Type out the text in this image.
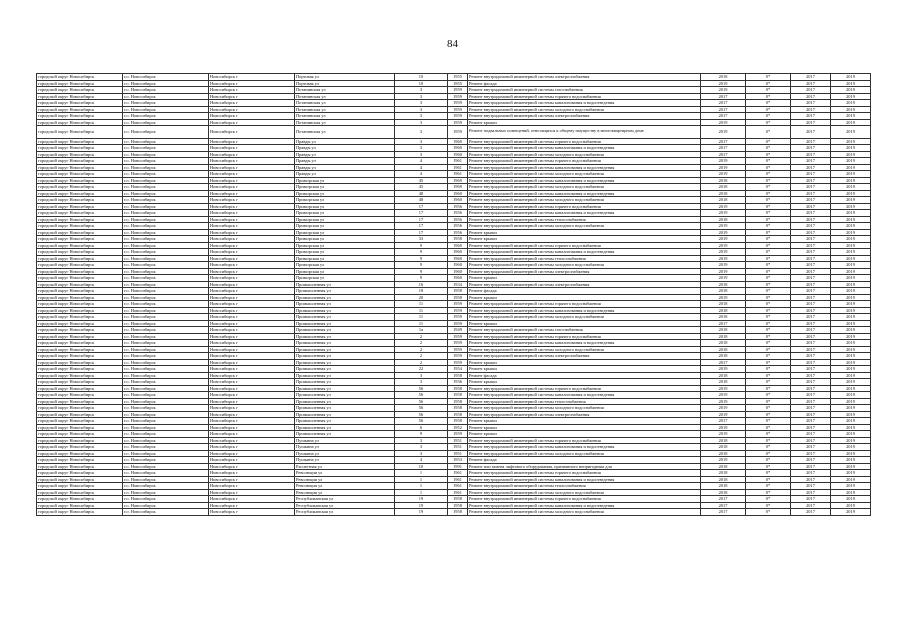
84
городской округ Новосибирск	г.о. Новосибирск	Новосибирск г	Портовая ул	10	1955	Ремонт внутридомовой инженерной системы электроснабжения	2018	0*	2017	2019
городской округ Новосибирск	г.о. Новосибирск	Новосибирск г	Портовая ул	10	1955	Ремонт фасада	2019	0*	2017	2019
городской округ Новосибирск	г.о. Новосибирск	Новосибирск г	Потанинская ул	3	1959	Ремонт внутридомовой инженерной системы газоснабжения	2019	0*	2017	2019
городской округ Новосибирск	г.о. Новосибирск	Новосибирск г	Потанинская ул	3	1959	Ремонт внутридомовой инженерной системы горячего водоснабжения	2017	0*	2017	2019
городской округ Новосибирск	г.о. Новосибирск	Новосибирск г	Потанинская ул	3	1959	Ремонт внутридомовой инженерной системы канализования и водоотведения	2017	0*	2017	2019
городской округ Новосибирск	г.о. Новосибирск	Новосибирск г	Потанинская ул	3	1959	Ремонт внутридомовой инженерной системы холодного водоснабжения	2017	0*	2017	2019
городской округ Новосибирск	г.о. Новосибирск	Новосибирск г	Потанинская ул	3	1959	Ремонт внутридомовой инженерной системы электроснабжения	2017	0*	2017	2019
городской округ Новосибирск	г.о. Новосибирск	Новосибирск г	Потанинская ул	3	1959	Ремонт крыши	2019	0*	2017	2019
городской округ Новосибирск	г.о. Новосибирск	Новосибирск г	Потанинская ул	3	1959	Ремонт подвальных помещений, относящихся к общему имуществу в многоквартирном доме	2019	0*	2017	2019
городской округ Новосибирск	г.о. Новосибирск	Новосибирск г	Правды ул	3	1960	Ремонт внутридомовой инженерной системы горячего водоснабжения	2017	0*	2017	2019
городской округ Новосибирск	г.о. Новосибирск	Новосибирск г	Правды ул	3	1960	Ремонт внутридомовой инженерной системы канализования и водоотведения	2017	0*	2017	2019
городской округ Новосибирск	г.о. Новосибирск	Новосибирск г	Правды ул	3	1960	Ремонт внутридомовой инженерной системы холодного водоснабжения	2017	0*	2017	2019
городской округ Новосибирск	г.о. Новосибирск	Новосибирск г	Правды ул	4	1961	Ремонт внутридомовой инженерной системы горячего водоснабжения	2019	0*	2017	2019
городской округ Новосибирск	г.о. Новосибирск	Новосибирск г	Правды ул	4	1961	Ремонт внутридомовой инженерной системы канализования и водоотведения	2019	0*	2017	2019
городской округ Новосибирск	г.о. Новосибирск	Новосибирск г	Правды ул	4	1961	Ремонт внутридомовой инженерной системы холодного водоснабжения	2019	0*	2017	2019
городской округ Новосибирск	г.о. Новосибирск	Новосибирск г	Приморская ул	45	1969	Ремонт внутридомовой инженерной системы канализования и водоотведения	2018	0*	2017	2019
городской округ Новосибирск	г.о. Новосибирск	Новосибирск г	Приморская ул	45	1969	Ремонт внутридомовой инженерной системы холодного водоснабжения	2018	0*	2017	2019
городской округ Новосибирск	г.о. Новосибирск	Новосибирск г	Приморская ул	48	1960	Ремонт внутридомовой инженерной системы канализования и водоотведения	2018	0*	2017	2019
городской округ Новосибирск	г.о. Новосибирск	Новосибирск г	Приморская ул	48	1960	Ремонт внутридомовой инженерной системы холодного водоснабжения	2018	0*	2017	2019
городской округ Новосибирск	г.о. Новосибирск	Новосибирск г	Приморская ул	17	1956	Ремонт внутридомовой инженерной системы горячего водоснабжения	2019	0*	2017	2019
городской округ Новосибирск	г.о. Новосибирск	Новосибирск г	Приморская ул	17	1956	Ремонт внутридомовой инженерной системы канализования и водоотведения	2019	0*	2017	2019
городской округ Новосибирск	г.о. Новосибирск	Новосибирск г	Приморская ул	17	1956	Ремонт внутридомовой инженерной системы теплоснабжения	2018	0*	2017	2019
городской округ Новосибирск	г.о. Новосибирск	Новосибирск г	Приморская ул	17	1956	Ремонт внутридомовой инженерной системы холодного водоснабжения	2019	0*	2017	2019
городской округ Новосибирск	г.о. Новосибирск	Новосибирск г	Приморская ул	17	1956	Ремонт крыши	2019	0*	2017	2019
городской округ Новосибирск	г.о. Новосибирск	Новосибирск г	Приморская ул	33	1958	Ремонт крыши	2019	0*	2017	2019
городской округ Новосибирск	г.о. Новосибирск	Новосибирск г	Приморская ул	9	1960	Ремонт внутридомовой инженерной системы горячего водоснабжения	2019	0*	2017	2019
городской округ Новосибирск	г.о. Новосибирск	Новосибирск г	Приморская ул	9	1960	Ремонт внутридомовой инженерной системы канализования и водоотведения	2019	0*	2017	2019
городской округ Новосибирск	г.о. Новосибирск	Новосибирск г	Приморская ул	9	1960	Ремонт внутридомовой инженерной системы теплоснабжения	2019	0*	2017	2019
городской округ Новосибирск	г.о. Новосибирск	Новосибирск г	Приморская ул	9	1960	Ремонт внутридомовой инженерной системы холодного водоснабжения	2019	0*	2017	2019
городской округ Новосибирск	г.о. Новосибирск	Новосибирск г	Приморская ул	9	1960	Ремонт внутридомовой инженерной системы электроснабжения	2019	0*	2017	2019
городской округ Новосибирск	г.о. Новосибирск	Новосибирск г	Приморская ул	9	1960	Ремонт крыши	2019	0*	2017	2019
городской округ Новосибирск	г.о. Новосибирск	Новосибирск г	Промышленная ул	16	1934	Ремонт внутридомовой инженерной системы электроснабжения	2018	0*	2017	2019
городской округ Новосибирск	г.о. Новосибирск	Новосибирск г	Промышленная ул	18	1958	Ремонт фасада	2018	0*	2017	2019
городской округ Новосибирск	г.о. Новосибирск	Новосибирск г	Промышленная ул	20	1958	Ремонт крыши	2019	0*	2017	2019
городской округ Новосибирск	г.о. Новосибирск	Новосибирск г	Промышленная ул	11	1959	Ремонт внутридомовой инженерной системы горячего водоснабжения	2018	0*	2017	2019
городской округ Новосибирск	г.о. Новосибирск	Новосибирск г	Промышленная ул	11	1959	Ремонт внутридомовой инженерной системы канализования и водоотведения	2018	0*	2017	2019
городской округ Новосибирск	г.о. Новосибирск	Новосибирск г	Промышленная ул	11	1959	Ремонт внутридомовой инженерной системы холодного водоснабжения	2018	0*	2017	2019
городской округ Новосибирск	г.о. Новосибирск	Новосибирск г	Промышленная ул	11	1959	Ремонт крыши	2017	0*	2017	2019
городской округ Новосибирск	г.о. Новосибирск	Новосибирск г	Промышленная ул	1а	1949	Ремонт внутридомовой инженерной системы газоснабжения	2018	0*	2017	2019
городской округ Новосибирск	г.о. Новосибирск	Новосибирск г	Промышленная ул	2	1959	Ремонт внутридомовой инженерной системы горячего водоснабжения	2018	0*	2017	2019
городской округ Новосибирск	г.о. Новосибирск	Новосибирск г	Промышленная ул	2	1959	Ремонт внутридомовой инженерной системы канализования и водоотведения	2018	0*	2017	2019
городской округ Новосибирск	г.о. Новосибирск	Новосибирск г	Промышленная ул	2	1959	Ремонт внутридомовой инженерной системы холодного водоснабжения	2018	0*	2017	2019
городской округ Новосибирск	г.о. Новосибирск	Новосибирск г	Промышленная ул	2	1959	Ремонт внутридомовой инженерной системы электроснабжения	2018	0*	2017	2019
городской округ Новосибирск	г.о. Новосибирск	Новосибирск г	Промышленная ул	2	1959	Ремонт крыши	2017	0*	2017	2019
городской округ Новосибирск	г.о. Новосибирск	Новосибирск г	Промышленная ул	22	1954	Ремонт крыши	2019	0*	2017	2019
городской округ Новосибирск	г.о. Новосибирск	Новосибирск г	Промышленная ул	3	1958	Ремонт фасада	2018	0*	2017	2019
городской округ Новосибирск	г.о. Новосибирск	Новосибирск г	Промышленная ул	3	1936	Ремонт крыши	2018	0*	2017	2019
городской округ Новосибирск	г.о. Новосибирск	Новосибирск г	Промышленная ул	56	1958	Ремонт внутридомовой инженерной системы горячего водоснабжения	2019	0*	2017	2019
городской округ Новосибирск	г.о. Новосибирск	Новосибирск г	Промышленная ул	56	1958	Ремонт внутридомовой инженерной системы канализования и водоотведения	2019	0*	2017	2019
городской округ Новосибирск	г.о. Новосибирск	Новосибирск г	Промышленная ул	56	1958	Ремонт внутридомовой инженерной системы теплоснабжения	2019	0*	2017	2019
городской округ Новосибирск	г.о. Новосибирск	Новосибирск г	Промышленная ул	56	1958	Ремонт внутридомовой инженерной системы холодного водоснабжения	2019	0*	2017	2019
городской округ Новосибирск	г.о. Новосибирск	Новосибирск г	Промышленная ул	56	1958	Ремонт внутридомовой инженерной системы электроснабжения	2019	0*	2017	2019
городской округ Новосибирск	г.о. Новосибирск	Новосибирск г	Промышленная ул	56	1958	Ремонт крыши	2017	0*	2017	2019
городской округ Новосибирск	г.о. Новосибирск	Новосибирск г	Промышленная ул	6	1952	Ремонт крыши	2019	0*	2017	2019
городской округ Новосибирск	г.о. Новосибирск	Новосибирск г	Промышленная ул	9	1959	Ремонт крыши	2019	0*	2017	2019
городской округ Новосибирск	г.о. Новосибирск	Новосибирск г	Пушкина ул	3	1951	Ремонт внутридомовой инженерной системы горячего водоснабжения	2018	0*	2017	2019
городской округ Новосибирск	г.о. Новосибирск	Новосибирск г	Пушкина ул	3	1951	Ремонт внутридомовой инженерной системы канализования и водоотведения	2018	0*	2017	2019
городской округ Новосибирск	г.о. Новосибирск	Новосибирск г	Пушкина ул	3	1951	Ремонт внутридомовой инженерной системы холодного водоснабжения	2018	0*	2017	2019
городской округ Новосибирск	г.о. Новосибирск	Новосибирск г	Пушкина ул	4	1953	Ремонт фасада	2019	0*	2017	2019
городской округ Новосибирск	г.о. Новосибирск	Новосибирск г	Рассветная ул	10	1991	Ремонт или замена лифтового оборудования, признанного непригодным для	2018	0*	2017	2019
городской округ Новосибирск	г.о. Новосибирск	Новосибирск г	Революции ул	1	1961	Ремонт внутридомовой инженерной системы горячего водоснабжения	2018	0*	2017	2019
городской округ Новосибирск	г.о. Новосибирск	Новосибирск г	Революции ул	1	1961	Ремонт внутридомовой инженерной системы канализования и водоотведения	2018	0*	2017	2019
городской округ Новосибирск	г.о. Новосибирск	Новосибирск г	Революции ул	1	1961	Ремонт внутридомовой инженерной системы теплоснабжения	2018	0*	2017	2019
городской округ Новосибирск	г.о. Новосибирск	Новосибирск г	Революции ул	1	1961	Ремонт внутридомовой инженерной системы холодного водоснабжения	2018	0*	2017	2019
городской округ Новосибирск	г.о. Новосибирск	Новосибирск г	Республиканская ул	19	1958	Ремонт внутридомовой инженерной системы горячего водоснабжения	2017	0*	2017	2019
городской округ Новосибирск	г.о. Новосибирск	Новосибирск г	Республиканская ул	19	1958	Ремонт внутридомовой инженерной системы канализования и водоотведения	2017	0*	2017	2019
городской округ Новосибирск	г.о. Новосибирск	Новосибирск г	Республиканская ул	19	1958	Ремонт внутридомовой инженерной системы холодного водоснабжения	2017	0*	2017	2019
